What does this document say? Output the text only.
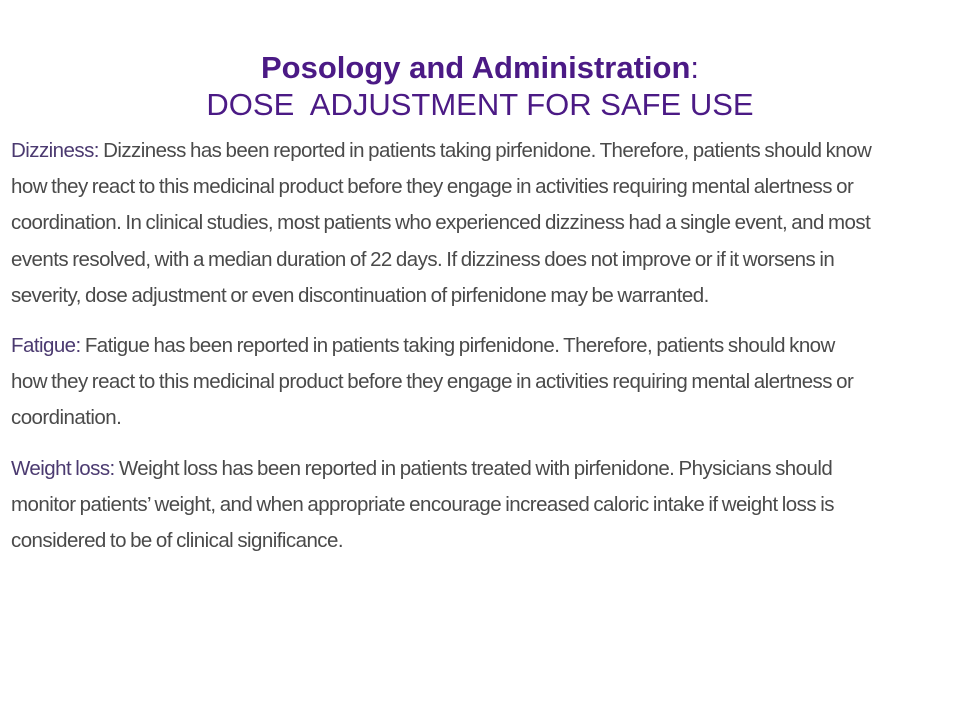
Posology and Administration:
DOSE  ADJUSTMENT FOR SAFE USE

Dizziness: Dizziness has been reported in patients taking pirfenidone. Therefore, patients should know
how they react to this medicinal product before they engage in activities requiring mental alertness or
coordination. In clinical studies, most patients who experienced dizziness had a single event, and most
events resolved, with a median duration of 22 days. If dizziness does not improve or if it worsens in
severity, dose adjustment or even discontinuation of pirfenidone may be warranted.

Fatigue: Fatigue has been reported in patients taking pirfenidone. Therefore, patients should know
how they react to this medicinal product before they engage in activities requiring mental alertness or
coordination.

Weight loss: Weight loss has been reported in patients treated with pirfenidone. Physicians should
monitor patients’ weight, and when appropriate encourage increased caloric intake if weight loss is
considered to be of clinical significance.
